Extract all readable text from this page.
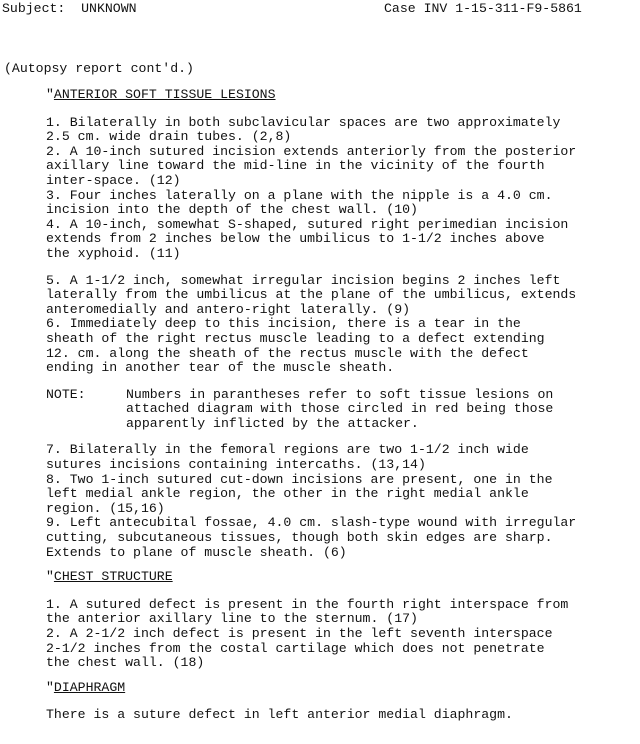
Subject:  UNKNOWN	Case INV 1-15-311-F9-5861
(Autopsy report cont'd.)
"ANTERIOR SOFT TISSUE LESIONS

1. Bilaterally in both subclavicular spaces are two approximately
2.5 cm. wide drain tubes. (2,8)

2. A 10-inch sutured incision extends anteriorly from the posterior
axillary line toward the mid-line in the vicinity of the fourth
inter-space. (12)

3. Four inches laterally on a plane with the nipple is a 4.0 cm.
incision into the depth of the chest wall. (10)

4. A 10-inch, somewhat S-shaped, sutured right perimedian incision
extends from 2 inches below the umbilicus to 1-1/2 inches above
the xyphoid. (11)

5. A 1-1/2 inch, somewhat irregular incision begins 2 inches left
laterally from the umbilicus at the plane of the umbilicus, extends
anteromedially and antero-right laterally. (9)

6. Immediately deep to this incision, there is a tear in the
sheath of the right rectus muscle leading to a defect extending
12. cm. along the sheath of the rectus muscle with the defect
ending in another tear of the muscle sheath.

NOTE:	Numbers in parantheses refer to soft tissue lesions on
attached diagram with those circled in red being those
apparently inflicted by the attacker.

7. Bilaterally in the femoral regions are two 1-1/2 inch wide
sutures incisions containing intercaths. (13,14)

8. Two 1-inch sutured cut-down incisions are present, one in the
left medial ankle region, the other in the right medial ankle
region. (15,16)

9. Left antecubital fossae, 4.0 cm. slash-type wound with irregular
cutting, subcutaneous tissues, though both skin edges are sharp.
Extends to plane of muscle sheath. (6)

"CHEST STRUCTURE

1. A sutured defect is present in the fourth right interspace from
the anterior axillary line to the sternum. (17)

2. A 2-1/2 inch defect is present in the left seventh interspace
2-1/2 inches from the costal cartilage which does not penetrate
the chest wall. (18)

"DIAPHRAGM

There is a suture defect in left anterior medial diaphragm.
